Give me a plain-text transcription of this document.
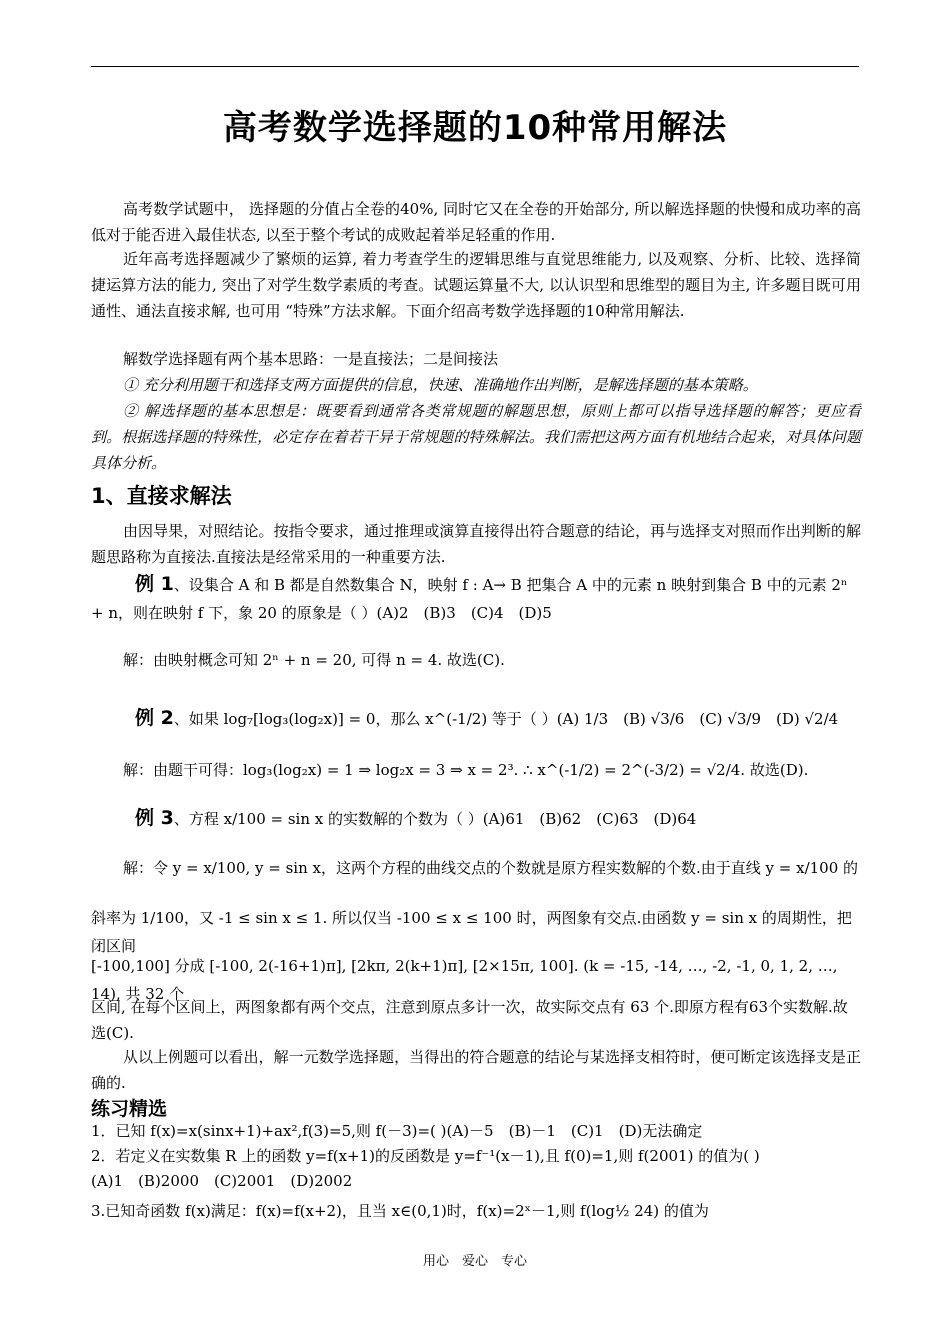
高考数学选择题的10种常用解法
高考数学试题中， 选择题的分值占全卷的40%, 同时它又在全卷的开始部分, 所以解选择题的快慢和成功率的高低对于能否进入最佳状态, 以至于整个考试的成败起着举足轻重的作用.
近年高考选择题减少了繁烦的运算, 着力考查学生的逻辑思维与直觉思维能力, 以及观察、分析、比较、选择简捷运算方法的能力, 突出了对学生数学素质的考查。试题运算量不大, 以认识型和思维型的题目为主, 许多题目既可用通性、通法直接求解, 也可用 “特殊”方法求解。下面介绍高考数学选择题的10种常用解法.
解数学选择题有两个基本思路：一是直接法；二是间接法
① 充分利用题干和选择支两方面提供的信息，快速、准确地作出判断，是解选择题的基本策略。
② 解选择题的基本思想是：既要看到通常各类常规题的解题思想，原则上都可以指导选择题的解答；更应看到。根据选择题的特殊性，必定存在着若干异于常规题的特殊解法。我们需把这两方面有机地结合起来，对具体问题具体分析。
1、直接求解法
由因导果，对照结论。按指令要求，通过推理或演算直接得出符合题意的结论，再与选择支对照而作出判断的解题思路称为直接法.直接法是经常采用的一种重要方法.
例 1、设集合 A 和 B 都是自然数集合 N，映射 f : A→ B 把集合 A 中的元素 n 映射到集合 B 中的元素 2ⁿ + n，则在映射 f 下，象 20 的原象是（ ）(A)2　(B)3　(C)4　(D)5
解：由映射概念可知 2ⁿ + n = 20, 可得 n = 4. 故选(C).
例 2、如果 log₇[log₃(log₂x)] = 0，那么 x^(-1/2) 等于（ ）(A) 1/3　(B) √3/6　(C) √3/9　(D) √2/4
解：由题干可得：log₃(log₂x) = 1 ⇒ log₂x = 3 ⇒ x = 2³. ∴ x^(-1/2) = 2^(-3/2) = √2/4. 故选(D).
例 3、方程 x/100 = sin x 的实数解的个数为（ ）(A)61　(B)62　(C)63　(D)64
解：令 y = x/100, y = sin x，这两个方程的曲线交点的个数就是原方程实数解的个数.由于直线 y = x/100 的
斜率为 1/100，又 -1 ≤ sin x ≤ 1. 所以仅当 -100 ≤ x ≤ 100 时，两图象有交点.由函数 y = sin x 的周期性，把闭区间
[-100,100] 分成 [-100, 2(-16+1)π], [2kπ, 2(k+1)π], [2×15π, 100]. (k = -15, -14, …, -2, -1, 0, 1, 2, …, 14), 共 32 个
区间, 在每个区间上，两图象都有两个交点，注意到原点多计一次，故实际交点有 63 个.即原方程有63个实数解.故选(C).
从以上例题可以看出，解一元数学选择题，当得出的符合题意的结论与某选择支相符时，便可断定该选择支是正确的.
练习精选
1．已知 f(x)=x(sinx+1)+ax²,f(3)=5,则 f(－3)=( )(A)－5　(B)－1　(C)1　(D)无法确定
2．若定义在实数集 R 上的函数 y=f(x+1)的反函数是 y=f⁻¹(x－1),且 f(0)=1,则 f(2001) 的值为( )
(A)1　(B)2000　(C)2001　(D)2002
3.已知奇函数 f(x)满足：f(x)=f(x+2)，且当 x∈(0,1)时，f(x)=2ˣ－1,则 f(log½ 24) 的值为
用心　爱心　专心
